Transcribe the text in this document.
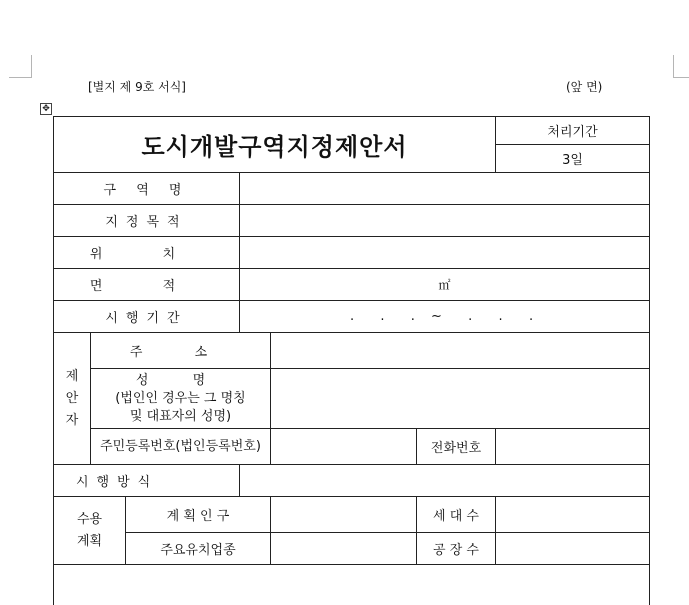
[별지 제 9호 서식]	(앞 면)
✥
도시개발구역지정제안서						처리기간
						3일
구 역 명						
지정목적						
위 치						
면 적			㎡			
시행기간			.  .  . ~  .  .  .			
제안자	주 소					

	성 명
(법인인 경우는 그 명칭
및 대표자의 성명)					

	주민등록번호(법인등록번호)				전화번호	
시행방식						

수용
계획		계 획 인 구			세 대 수	
		주요유치업종			공 장 수	
